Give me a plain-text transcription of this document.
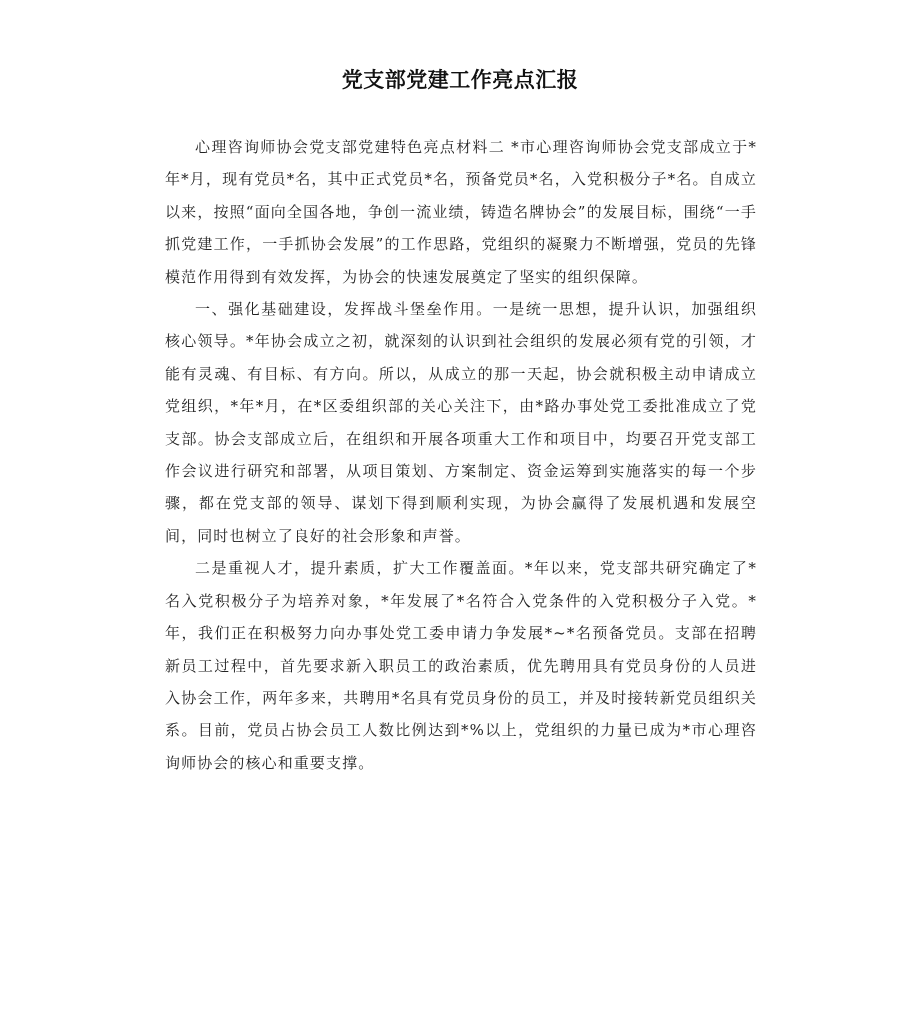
党支部党建工作亮点汇报

心理咨询师协会党支部党建特色亮点材料二 *市心理咨询师协会党支部成立于*年*月，现有党员*名，其中正式党员*名，预备党员*名，入党积极分子*名。自成立以来，按照“面向全国各地，争创一流业绩，铸造名牌协会”的发展目标，围绕“一手抓党建工作，一手抓协会发展”的工作思路，党组织的凝聚力不断增强，党员的先锋模范作用得到有效发挥，为协会的快速发展奠定了坚实的组织保障。

一、强化基础建设，发挥战斗堡垒作用。一是统一思想，提升认识，加强组织核心领导。*年协会成立之初，就深刻的认识到社会组织的发展必须有党的引领，才能有灵魂、有目标、有方向。所以，从成立的那一天起，协会就积极主动申请成立党组织，*年*月，在*区委组织部的关心关注下，由*路办事处党工委批准成立了党支部。协会支部成立后，在组织和开展各项重大工作和项目中，均要召开党支部工作会议进行研究和部署，从项目策划、方案制定、资金运筹到实施落实的每一个步骤，都在党支部的领导、谋划下得到顺利实现，为协会赢得了发展机遇和发展空间，同时也树立了良好的社会形象和声誉。

二是重视人才，提升素质，扩大工作覆盖面。*年以来，党支部共研究确定了*名入党积极分子为培养对象，*年发展了*名符合入党条件的入党积极分子入党。*年，我们正在积极努力向办事处党工委申请力争发展*~*名预备党员。支部在招聘新员工过程中，首先要求新入职员工的政治素质，优先聘用具有党员身份的人员进入协会工作，两年多来，共聘用*名具有党员身份的员工，并及时接转新党员组织关系。目前，党员占协会员工人数比例达到*%以上，党组织的力量已成为*市心理咨询师协会的核心和重要支撑。
